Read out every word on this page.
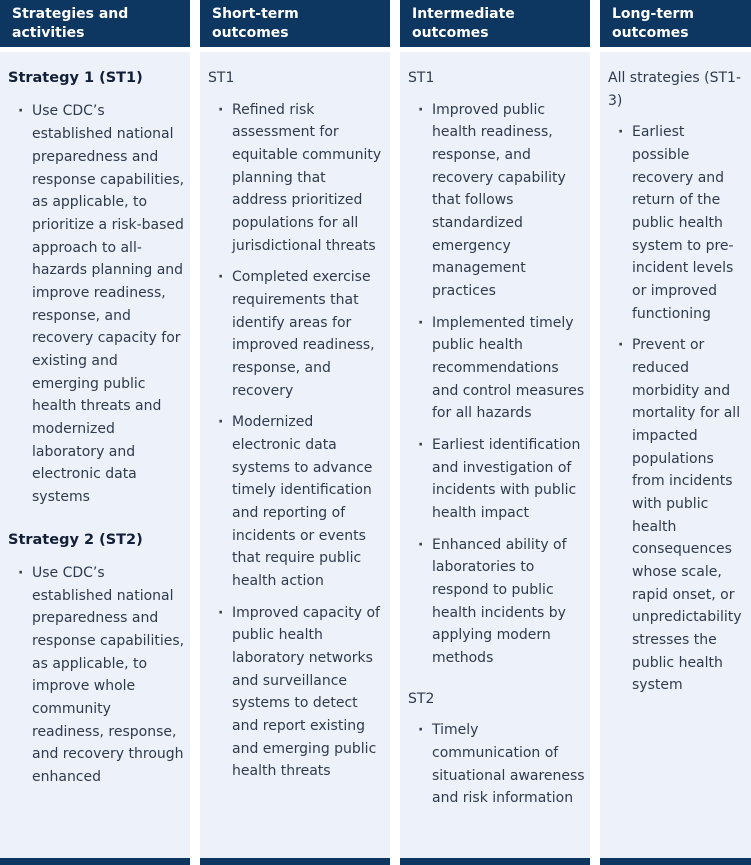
Strategies and
activities

Strategy 1 (ST1)

· Use CDC’s established national preparedness and response capabilities, as applicable, to prioritize a risk-based approach to all-hazards planning and improve readiness, response, and recovery capacity for existing and emerging public health threats and modernized laboratory and electronic data systems

Strategy 2 (ST2)

· Use CDC’s established national preparedness and response capabilities, as applicable, to improve whole community readiness, response, and recovery through enhanced
Short-term outcomes

ST1

· Refined risk assessment for equitable community planning that address prioritized populations for all jurisdictional threats
· Completed exercise requirements that identify areas for improved readiness, response, and recovery
· Modernized electronic data systems to advance timely identification and reporting of incidents or events that require public health action
· Improved capacity of public health laboratory networks and surveillance systems to detect and report existing and emerging public health threats
Intermediate
outcomes

ST1

· Improved public health readiness, response, and recovery capability that follows standardized emergency management practices
· Implemented timely public health recommendations and control measures for all hazards
· Earliest identification and investigation of incidents with public health impact
· Enhanced ability of laboratories to respond to public health incidents by applying modern methods

ST2

· Timely communication of situational awareness and risk information
Long-term
outcomes

All strategies (ST1-3)

· Earliest possible recovery and return of the public health system to pre-incident levels or improved functioning
· Prevent or reduced morbidity and mortality for all impacted populations from incidents with public health consequences whose scale, rapid onset, or unpredictability stresses the public health system
